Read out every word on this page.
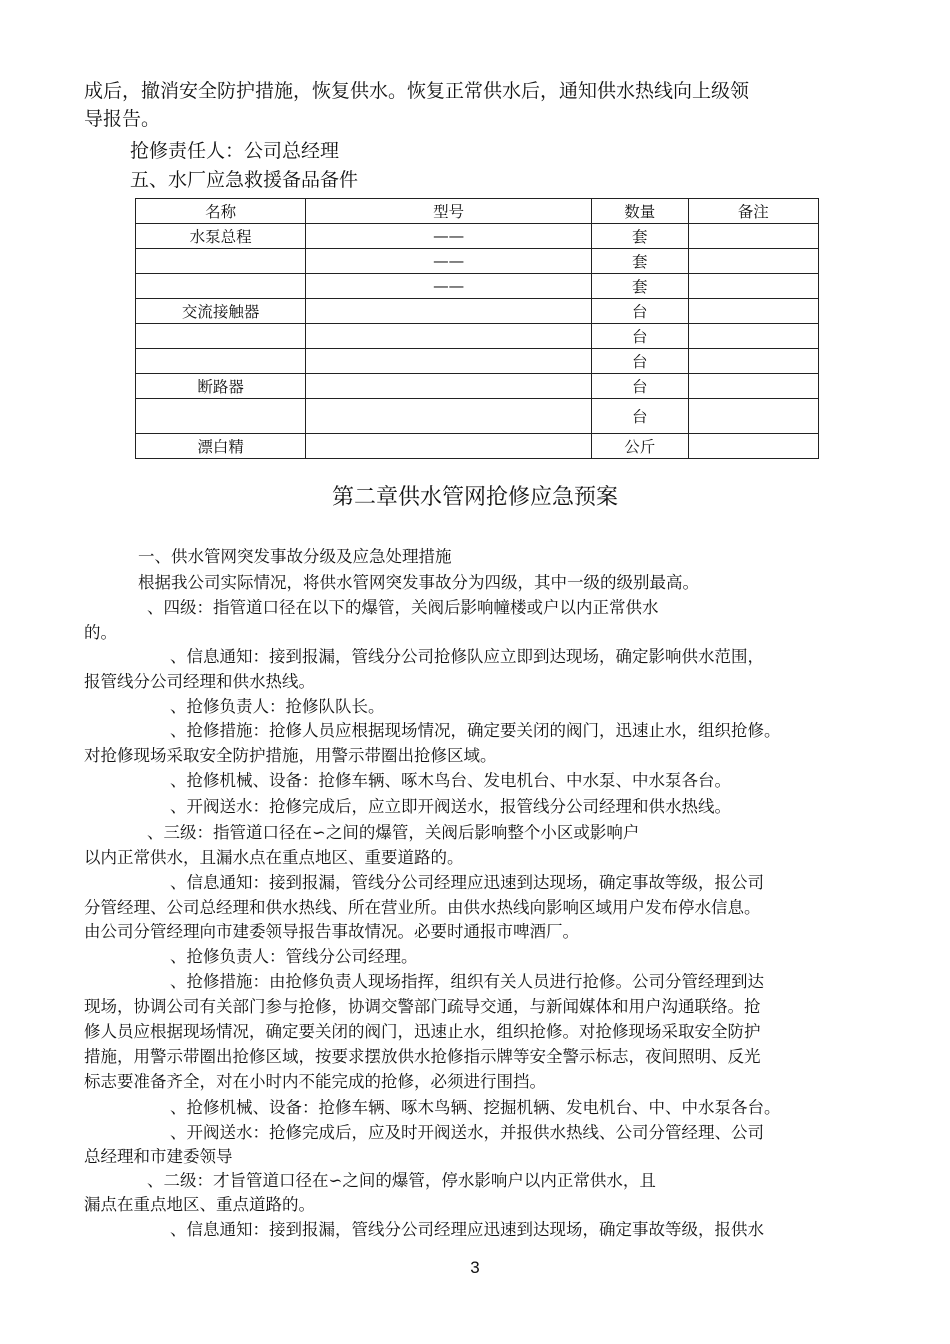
成后，撤消安全防护措施，恢复供水。恢复正常供水后，通知供水热线向上级领
导报告。
抢修责任人：公司总经理
五、水厂应急救援备品备件
名称	型号	数量	备注
水泵总程	——	套	
	——	套	
	——	套	
交流接触器		台	
		台	
		台	
断路器		台	
		台	
漂白精		公斤	
第二章供水管网抢修应急预案
一、供水管网突发事故分级及应急处理措施
根据我公司实际情况，将供水管网突发事故分为四级，其中一级的级别最高。
、四级：指管道口径在以下的爆管，关阀后影响幢楼或户以内正常供水
的。
、信息通知：接到报漏，管线分公司抢修队应立即到达现场，确定影响供水范围，
报管线分公司经理和供水热线。
、抢修负责人：抢修队队长。
、抢修措施：抢修人员应根据现场情况，确定要关闭的阀门，迅速止水，组织抢修。
对抢修现场采取安全防护措施，用警示带圈出抢修区域。
、抢修机械、设备：抢修车辆、啄木鸟台、发电机台、中水泵、中水泵各台。
、开阀送水：抢修完成后，应立即开阀送水，报管线分公司经理和供水热线。
、三级：指管道口径在∽之间的爆管，关阀后影响整个小区或影响户
以内正常供水，且漏水点在重点地区、重要道路的。
、信息通知：接到报漏，管线分公司经理应迅速到达现场，确定事故等级，报公司
分管经理、公司总经理和供水热线、所在营业所。由供水热线向影响区域用户发布停水信息。
由公司分管经理向市建委领导报告事故情况。必要时通报市啤酒厂。
、抢修负责人：管线分公司经理。
、抢修措施：由抢修负责人现场指挥，组织有关人员进行抢修。公司分管经理到达
现场，协调公司有关部门参与抢修，协调交警部门疏导交通，与新闻媒体和用户沟通联络。抢
修人员应根据现场情况，确定要关闭的阀门，迅速止水，组织抢修。对抢修现场采取安全防护
措施，用警示带圈出抢修区域，按要求摆放供水抢修指示牌等安全警示标志，夜间照明、反光
标志要准备齐全，对在小时内不能完成的抢修，必须进行围挡。
、抢修机械、设备：抢修车辆、啄木鸟辆、挖掘机辆、发电机台、中、中水泵各台。
、开阀送水：抢修完成后，应及时开阀送水，并报供水热线、公司分管经理、公司
总经理和市建委领导
、二级：才旨管道口径在∽之间的爆管，停水影响户以内正常供水，且
漏点在重点地区、重点道路的。
、信息通知：接到报漏，管线分公司经理应迅速到达现场，确定事故等级，报供水
3
